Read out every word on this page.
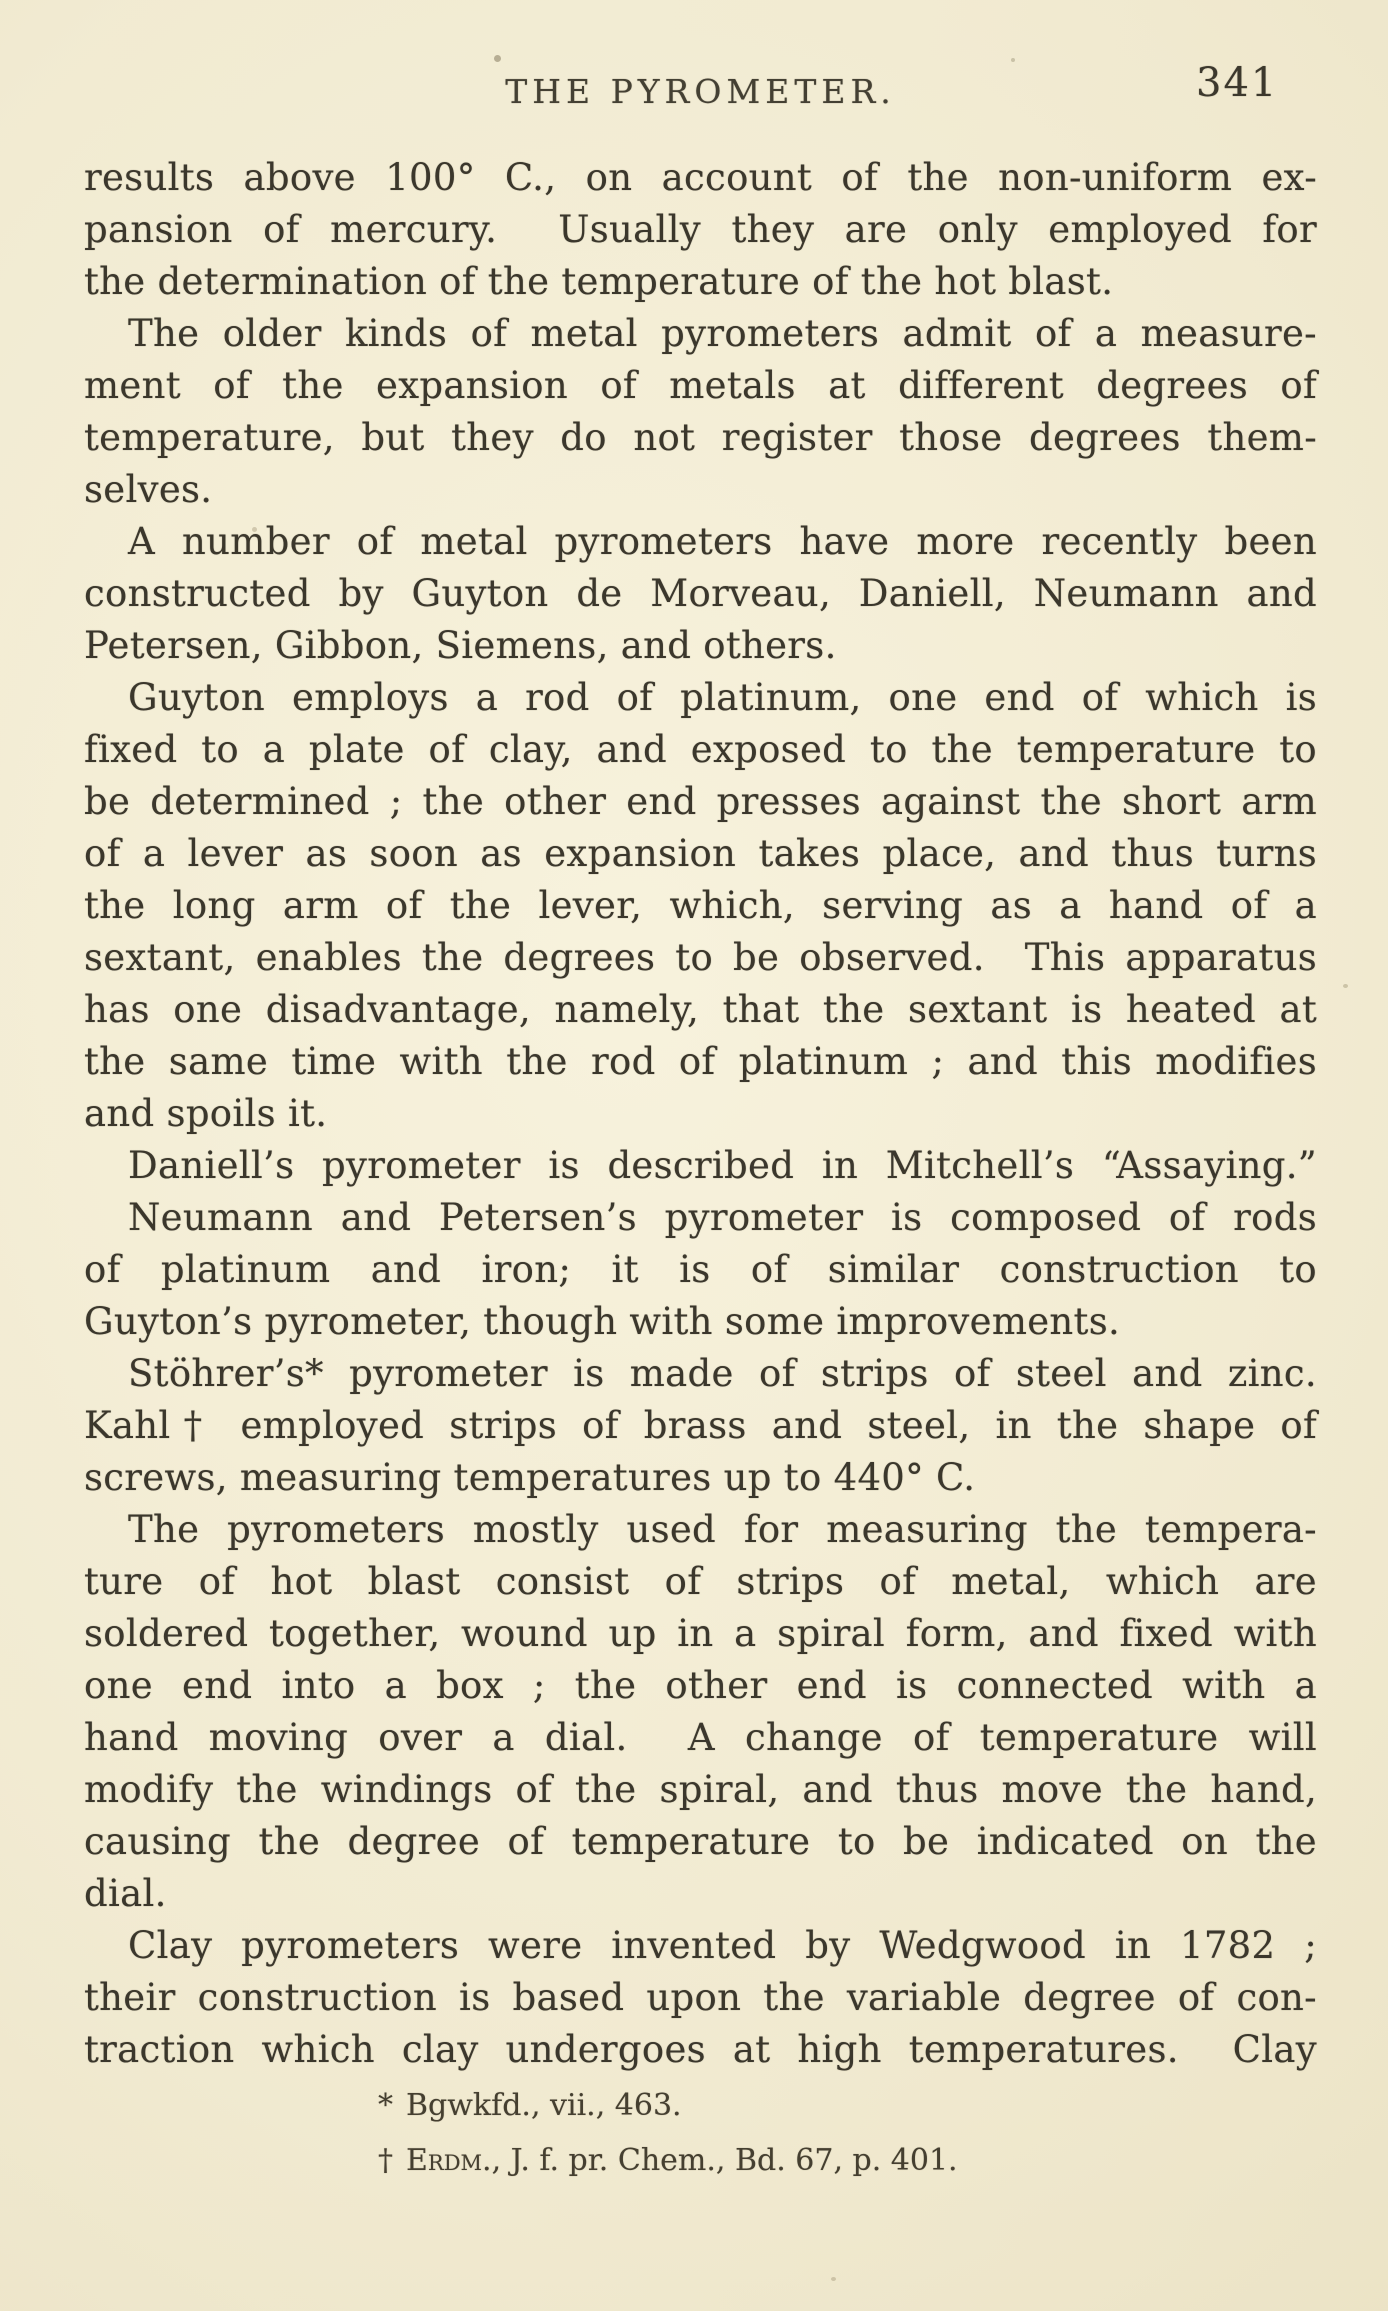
THE PYROMETER.	341
results above 100° C., on account of the non-uniform ex-
pansion of mercury.  Usually they are only employed for
the determination of the temperature of the hot blast.
The older kinds of metal pyrometers admit of a measure-
ment of the expansion of metals at different degrees of
temperature, but they do not register those degrees them-
selves.
A number of metal pyrometers have more recently been
constructed by Guyton de Morveau, Daniell, Neumann and
Petersen, Gibbon, Siemens, and others.
Guyton employs a rod of platinum, one end of which is
fixed to a plate of clay, and exposed to the temperature to
be determined ; the other end presses against the short arm
of a lever as soon as expansion takes place, and thus turns
the long arm of the lever, which, serving as a hand of a
sextant, enables the degrees to be observed.  This apparatus
has one disadvantage, namely, that the sextant is heated at
the same time with the rod of platinum ; and this modifies
and spoils it.
Daniell’s pyrometer is described in Mitchell’s “Assaying.”
Neumann and Petersen’s pyrometer is composed of rods
of platinum and iron; it is of similar construction to
Guyton’s pyrometer, though with some improvements.
Stöhrer’s* pyrometer is made of strips of steel and zinc.
Kahl† employed strips of brass and steel, in the shape of
screws, measuring temperatures up to 440° C.
The pyrometers mostly used for measuring the tempera-
ture of hot blast consist of strips of metal, which are
soldered together, wound up in a spiral form, and fixed with
one end into a box ; the other end is connected with a
hand moving over a dial.  A change of temperature will
modify the windings of the spiral, and thus move the hand,
causing the degree of temperature to be indicated on the
dial.
Clay pyrometers were invented by Wedgwood in 1782 ;
their construction is based upon the variable degree of con-
traction which clay undergoes at high temperatures.  Clay
* Bgwkfd., vii., 463.
† Erdm., J. f. pr. Chem., Bd. 67, p. 401.
